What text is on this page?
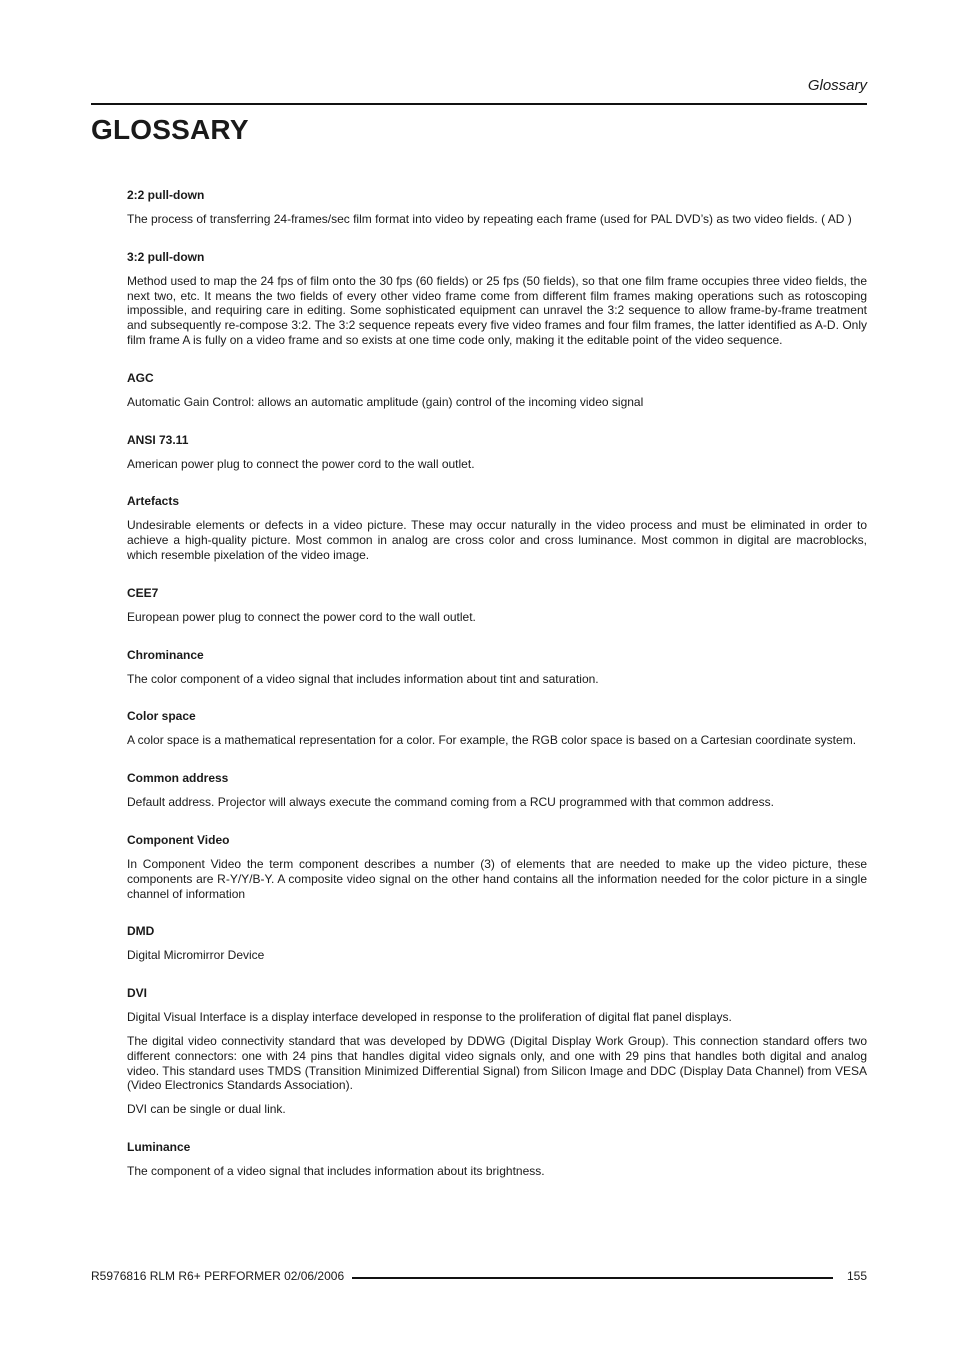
Glossary
GLOSSARY
2:2 pull-down

The process of transferring 24-frames/sec film format into video by repeating each frame (used for PAL DVD’s) as two video fields. ( AD )

3:2 pull-down

Method used to map the 24 fps of film onto the 30 fps (60 fields) or 25 fps (50 fields), so that one film frame occupies three video fields, the next two, etc. It means the two fields of every other video frame come from different film frames making operations such as rotoscoping impossible, and requiring care in editing. Some sophisticated equipment can unravel the 3:2 sequence to allow frame-by-frame treatment and subsequently re-compose 3:2. The 3:2 sequence repeats every five video frames and four film frames, the latter identified as A-D. Only film frame A is fully on a video frame and so exists at one time code only, making it the editable point of the video sequence.

AGC

Automatic Gain Control: allows an automatic amplitude (gain) control of the incoming video signal

ANSI 73.11

American power plug to connect the power cord to the wall outlet.

Artefacts

Undesirable elements or defects in a video picture. These may occur naturally in the video process and must be eliminated in order to achieve a high-quality picture. Most common in analog are cross color and cross luminance. Most common in digital are macroblocks, which resemble pixelation of the video image.

CEE7

European power plug to connect the power cord to the wall outlet.

Chrominance

The color component of a video signal that includes information about tint and saturation.

Color space

A color space is a mathematical representation for a color. For example, the RGB color space is based on a Cartesian coordinate system.

Common address

Default address. Projector will always execute the command coming from a RCU programmed with that common address.

Component Video

In Component Video the term component describes a number (3) of elements that are needed to make up the video picture, these components are R-Y/Y/B-Y. A composite video signal on the other hand contains all the information needed for the color picture in a single channel of information

DMD

Digital Micromirror Device

DVI

Digital Visual Interface is a display interface developed in response to the proliferation of digital flat panel displays.

The digital video connectivity standard that was developed by DDWG (Digital Display Work Group). This connection standard offers two different connectors: one with 24 pins that handles digital video signals only, and one with 29 pins that handles both digital and analog video. This standard uses TMDS (Transition Minimized Differential Signal) from Silicon Image and DDC (Display Data Channel) from VESA (Video Electronics Standards Association).

DVI can be single or dual link.

Luminance

The component of a video signal that includes information about its brightness.

R5976816 RLM R6+ PERFORMER 02/06/2006	155
